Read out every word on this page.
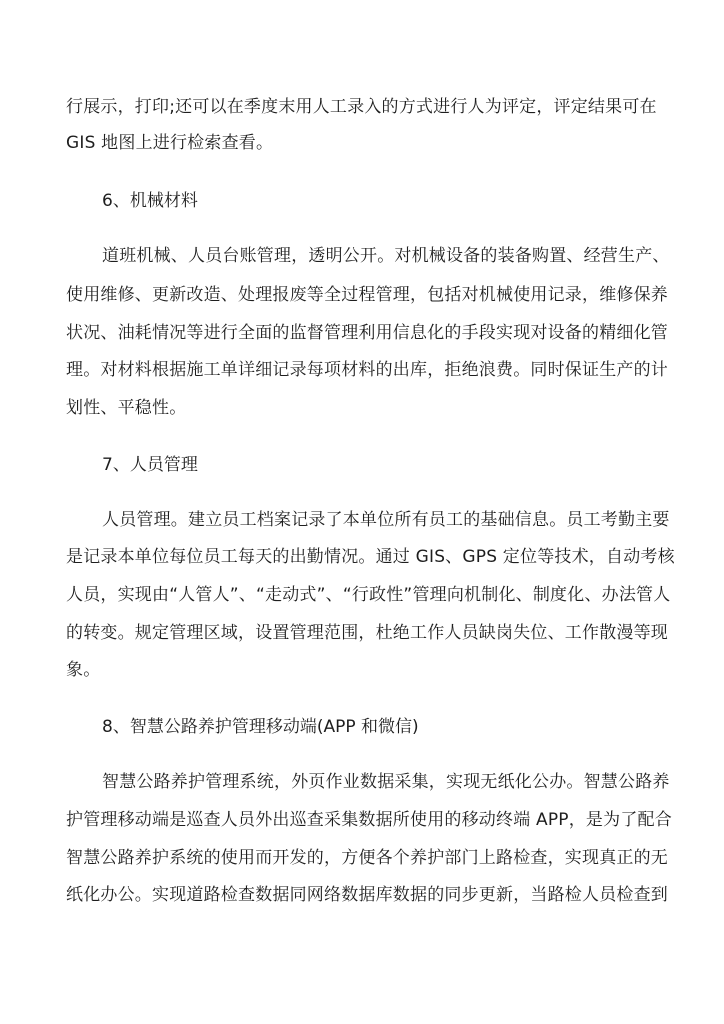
行展示，打印;还可以在季度末用人工录入的方式进行人为评定，评定结果可在
GIS 地图上进行检索查看。
6、机械材料
道班机械、人员台账管理，透明公开。对机械设备的装备购置、经营生产、
使用维修、更新改造、处理报废等全过程管理，包括对机械使用记录，维修保养
状况、油耗情况等进行全面的监督管理利用信息化的手段实现对设备的精细化管
理。对材料根据施工单详细记录每项材料的出库，拒绝浪费。同时保证生产的计
划性、平稳性。
7、人员管理
人员管理。建立员工档案记录了本单位所有员工的基础信息。员工考勤主要
是记录本单位每位员工每天的出勤情况。通过 GIS、GPS 定位等技术，自动考核
人员，实现由“人管人”、“走动式”、“行政性”管理向机制化、制度化、办法管人
的转变。规定管理区域，设置管理范围，杜绝工作人员缺岗失位、工作散漫等现
象。
8、智慧公路养护管理移动端(APP 和微信)
智慧公路养护管理系统，外页作业数据采集，实现无纸化公办。智慧公路养
护管理移动端是巡查人员外出巡查采集数据所使用的移动终端 APP，是为了配合
智慧公路养护系统的使用而开发的，方便各个养护部门上路检查，实现真正的无
纸化办公。实现道路检查数据同网络数据库数据的同步更新，当路检人员检查到
